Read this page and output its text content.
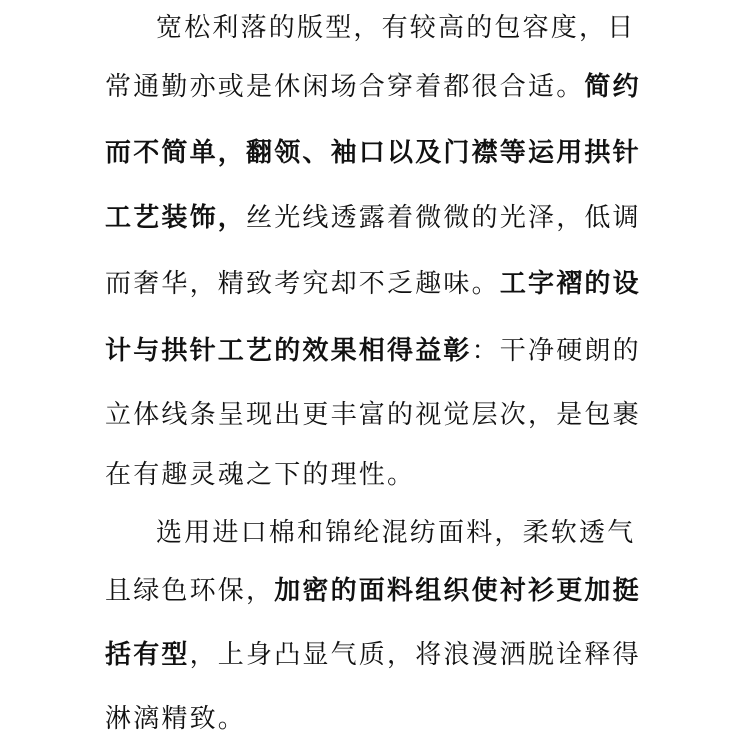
宽松利落的版型，有较高的包容度，日
常通勤亦或是休闲场合穿着都很合适。简约
而不简单，翻领、袖口以及门襟等运用拱针
工艺装饰，丝光线透露着微微的光泽，低调
而奢华，精致考究却不乏趣味。工字褶的设
计与拱针工艺的效果相得益彰：干净硬朗的
立体线条呈现出更丰富的视觉层次，是包裹
在有趣灵魂之下的理性。
选用进口棉和锦纶混纺面料，柔软透气
且绿色环保，加密的面料组织使衬衫更加挺
括有型，上身凸显气质，将浪漫洒脱诠释得
淋漓精致。
